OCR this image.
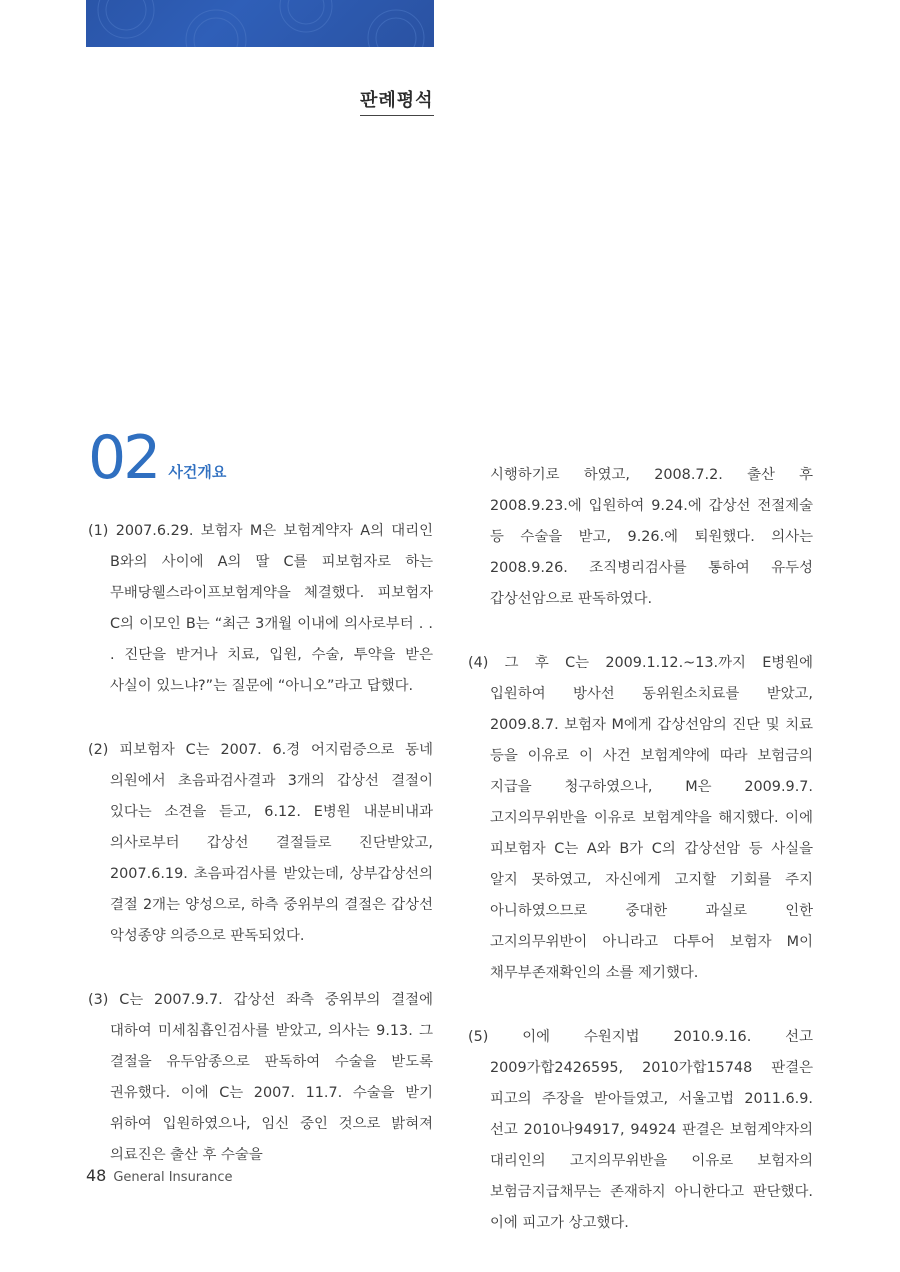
판례평석
02 사건개요

(1) 2007.6.29. 보험자 M은 보험계약자 A의 대리인 B와의 사이에 A의 딸 C를 피보험자로 하는 무배당웰스라이프보험계약을 체결했다. 피보험자 C의 이모인 B는 “최근 3개월 이내에 의사로부터 . . . 진단을 받거나 치료, 입원, 수술, 투약을 받은 사실이 있느냐?”는 질문에 “아니오”라고 답했다.

(2) 피보험자 C는 2007. 6.경 어지럼증으로 동네 의원에서 초음파검사결과 3개의 갑상선 결절이 있다는 소견을 듣고, 6.12. E병원 내분비내과 의사로부터 갑상선 결절들로 진단받았고, 2007.6.19. 초음파검사를 받았는데, 상부갑상선의 결절 2개는 양성으로, 하측 중위부의 결절은 갑상선 악성종양 의증으로 판독되었다.

(3) C는 2007.9.7. 갑상선 좌측 중위부의 결절에 대하여 미세침흡인검사를 받았고, 의사는 9.13. 그 결절을 유두암종으로 판독하여 수술을 받도록 권유했다. 이에 C는 2007. 11.7. 수술을 받기 위하여 입원하였으나, 임신 중인 것으로 밝혀져 의료진은 출산 후 수술을

시행하기로 하였고, 2008.7.2. 출산 후 2008.9.23.에 입원하여 9.24.에 갑상선 전절제술 등 수술을 받고, 9.26.에 퇴원했다. 의사는 2008.9.26. 조직병리검사를 통하여 유두성 갑상선암으로 판독하였다.

(4) 그 후 C는 2009.1.12.~13.까지 E병원에 입원하여 방사선 동위원소치료를 받았고, 2009.8.7. 보험자 M에게 갑상선암의 진단 및 치료 등을 이유로 이 사건 보험계약에 따라 보험금의 지급을 청구하였으나, M은 2009.9.7. 고지의무위반을 이유로 보험계약을 해지했다. 이에 피보험자 C는 A와 B가 C의 갑상선암 등 사실을 알지 못하였고, 자신에게 고지할 기회를 주지 아니하였으므로 중대한 과실로 인한 고지의무위반이 아니라고 다투어 보험자 M이 채무부존재확인의 소를 제기했다.

(5) 이에 수원지법 2010.9.16. 선고 2009가합2426595, 2010가합15748 판결은 피고의 주장을 받아들였고, 서울고법 2011.6.9. 선고 2010나94917, 94924 판결은 보험계약자의 대리인의 고지의무위반을 이유로 보험자의 보험금지급채무는 존재하지 아니한다고 판단했다. 이에 피고가 상고했다.

48 General Insurance
